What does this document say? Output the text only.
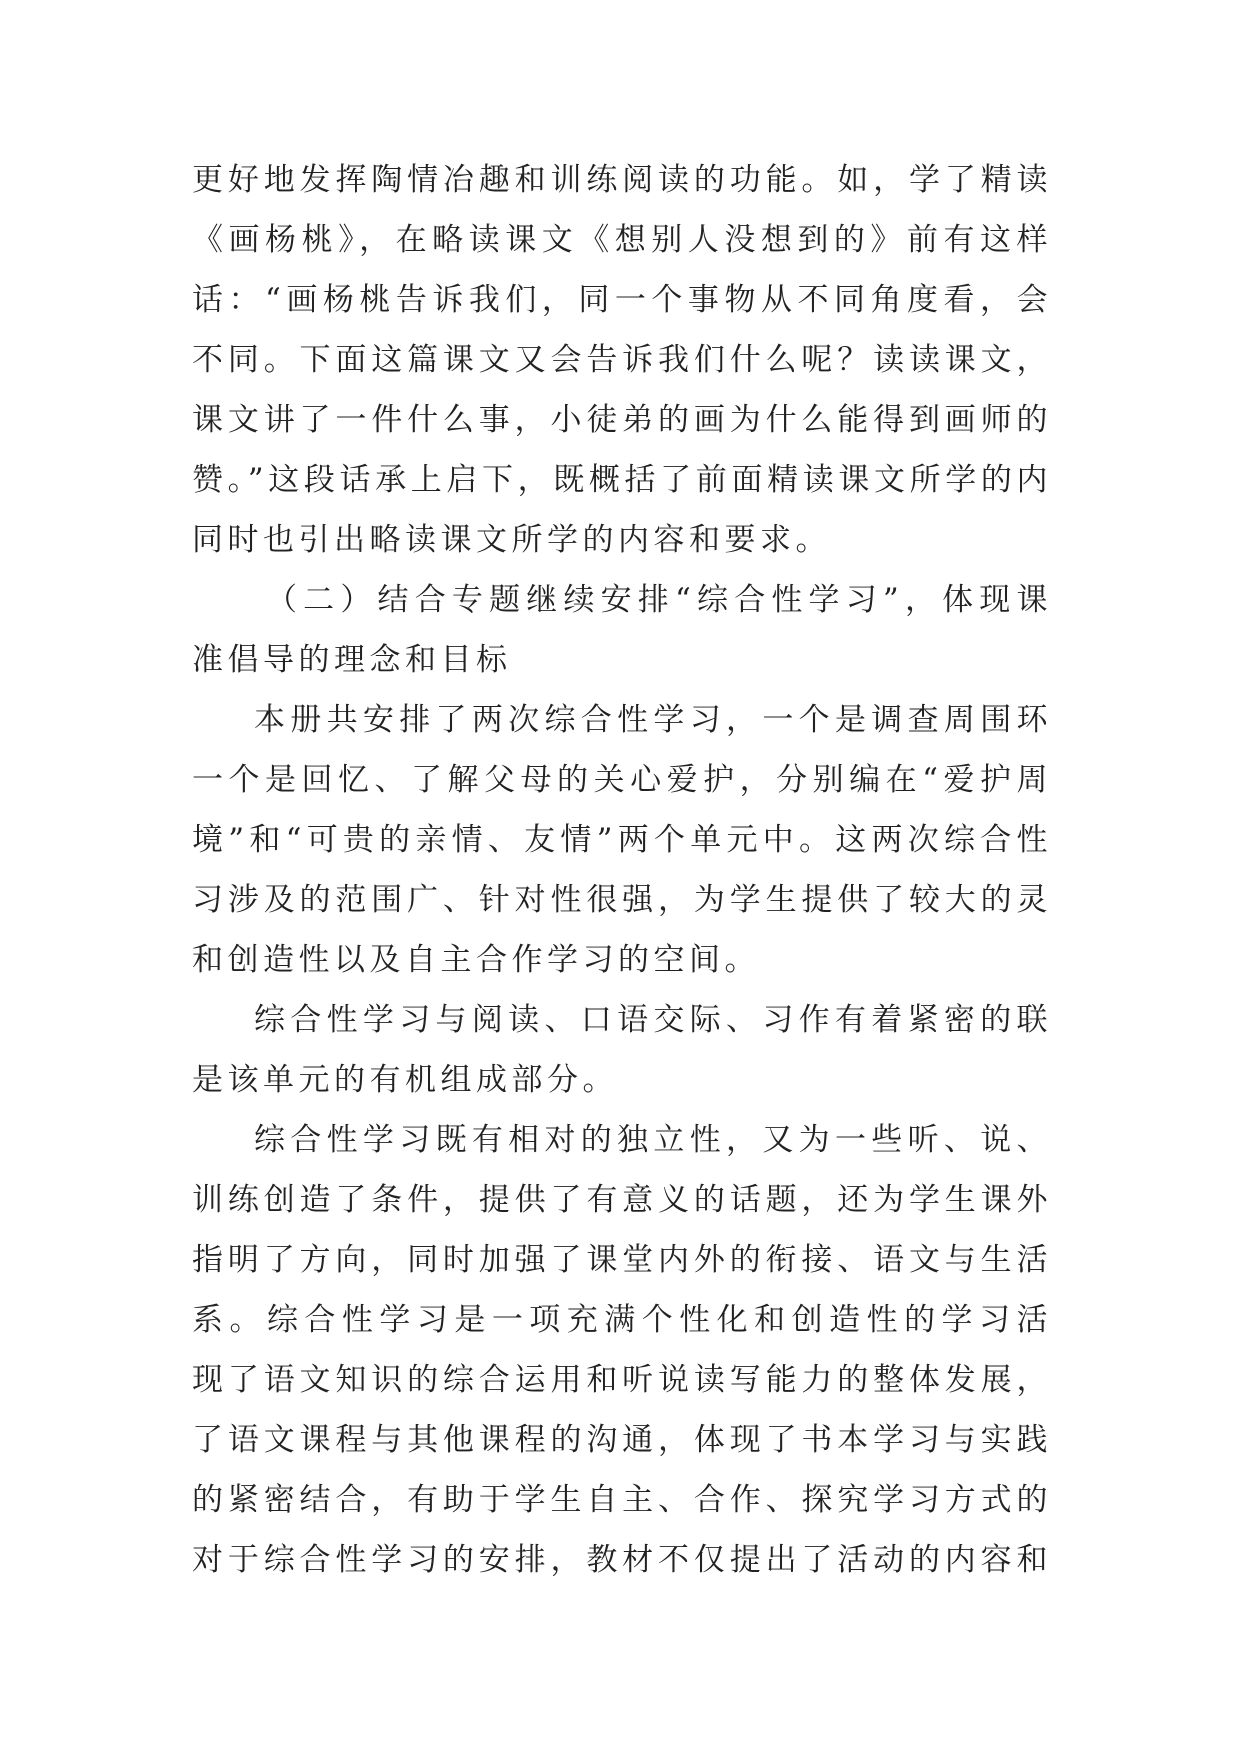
更好地发挥陶情冶趣和训练阅读的功能。如，学了精读
《画杨桃》，在略读课文《想别人没想到的》前有这样
话：“画杨桃告诉我们，同一个事物从不同角度看，会
不同。下面这篇课文又会告诉我们什么呢？读读课文，
课文讲了一件什么事，小徒弟的画为什么能得到画师的
赞。”这段话承上启下，既概括了前面精读课文所学的内
同时也引出略读课文所学的内容和要求。
（二）结合专题继续安排“综合性学习”，体现课
准倡导的理念和目标
本册共安排了两次综合性学习，一个是调查周围环
一个是回忆、了解父母的关心爱护，分别编在“爱护周
境”和“可贵的亲情、友情”两个单元中。这两次综合性
习涉及的范围广、针对性很强，为学生提供了较大的灵
和创造性以及自主合作学习的空间。
综合性学习与阅读、口语交际、习作有着紧密的联
是该单元的有机组成部分。
综合性学习既有相对的独立性，又为一些听、说、
训练创造了条件，提供了有意义的话题，还为学生课外
指明了方向，同时加强了课堂内外的衔接、语文与生活
系。综合性学习是一项充满个性化和创造性的学习活
现了语文知识的综合运用和听说读写能力的整体发展，
了语文课程与其他课程的沟通，体现了书本学习与实践
的紧密结合，有助于学生自主、合作、探究学习方式的
对于综合性学习的安排，教材不仅提出了活动的内容和
